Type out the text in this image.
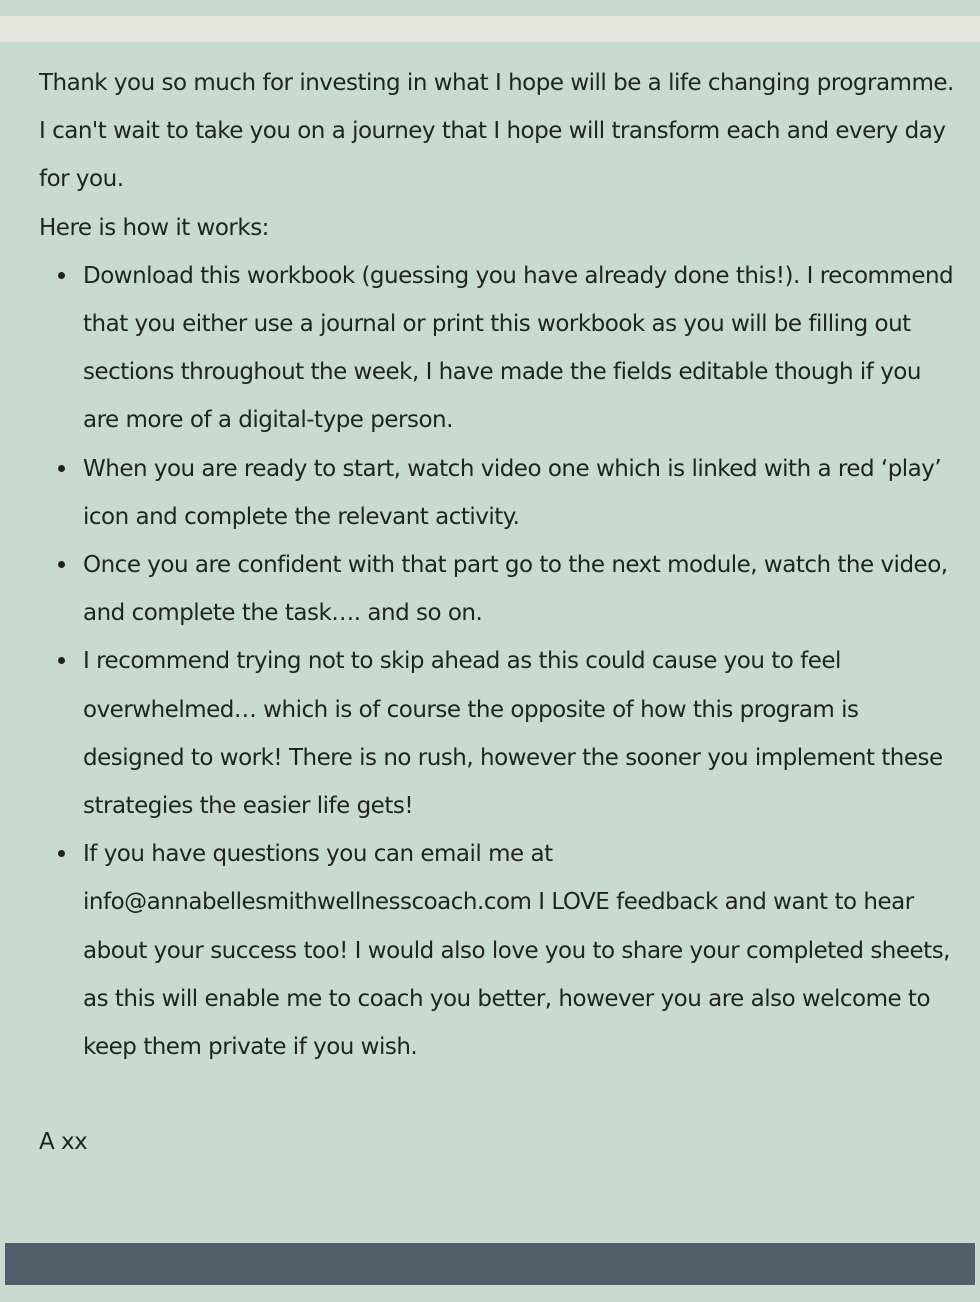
Thank you so much for investing in what I hope will be a life changing programme. I can't wait to take you on a journey that I hope will transform each and every day for you.

Here is how it works:

Download this workbook (guessing you have already done this!). I recommend that you either use a journal or print this workbook as you will be filling out sections throughout the week, I have made the fields editable though if you are more of a digital-type person.
When you are ready to start, watch video one which is linked with a red ‘play’ icon and complete the relevant activity.
Once you are confident with that part go to the next module, watch the video, and complete the task…. and so on.
I recommend trying not to skip ahead as this could cause you to feel overwhelmed… which is of course the opposite of how this program is designed to work! There is no rush, however the sooner you implement these strategies the easier life gets!
If you have questions you can email me at info@annabellesmithwellnesscoach.com I LOVE feedback and want to hear about your success too! I would also love you to share your completed sheets, as this will enable me to coach you better, however you are also welcome to keep them private if you wish.
A xx
